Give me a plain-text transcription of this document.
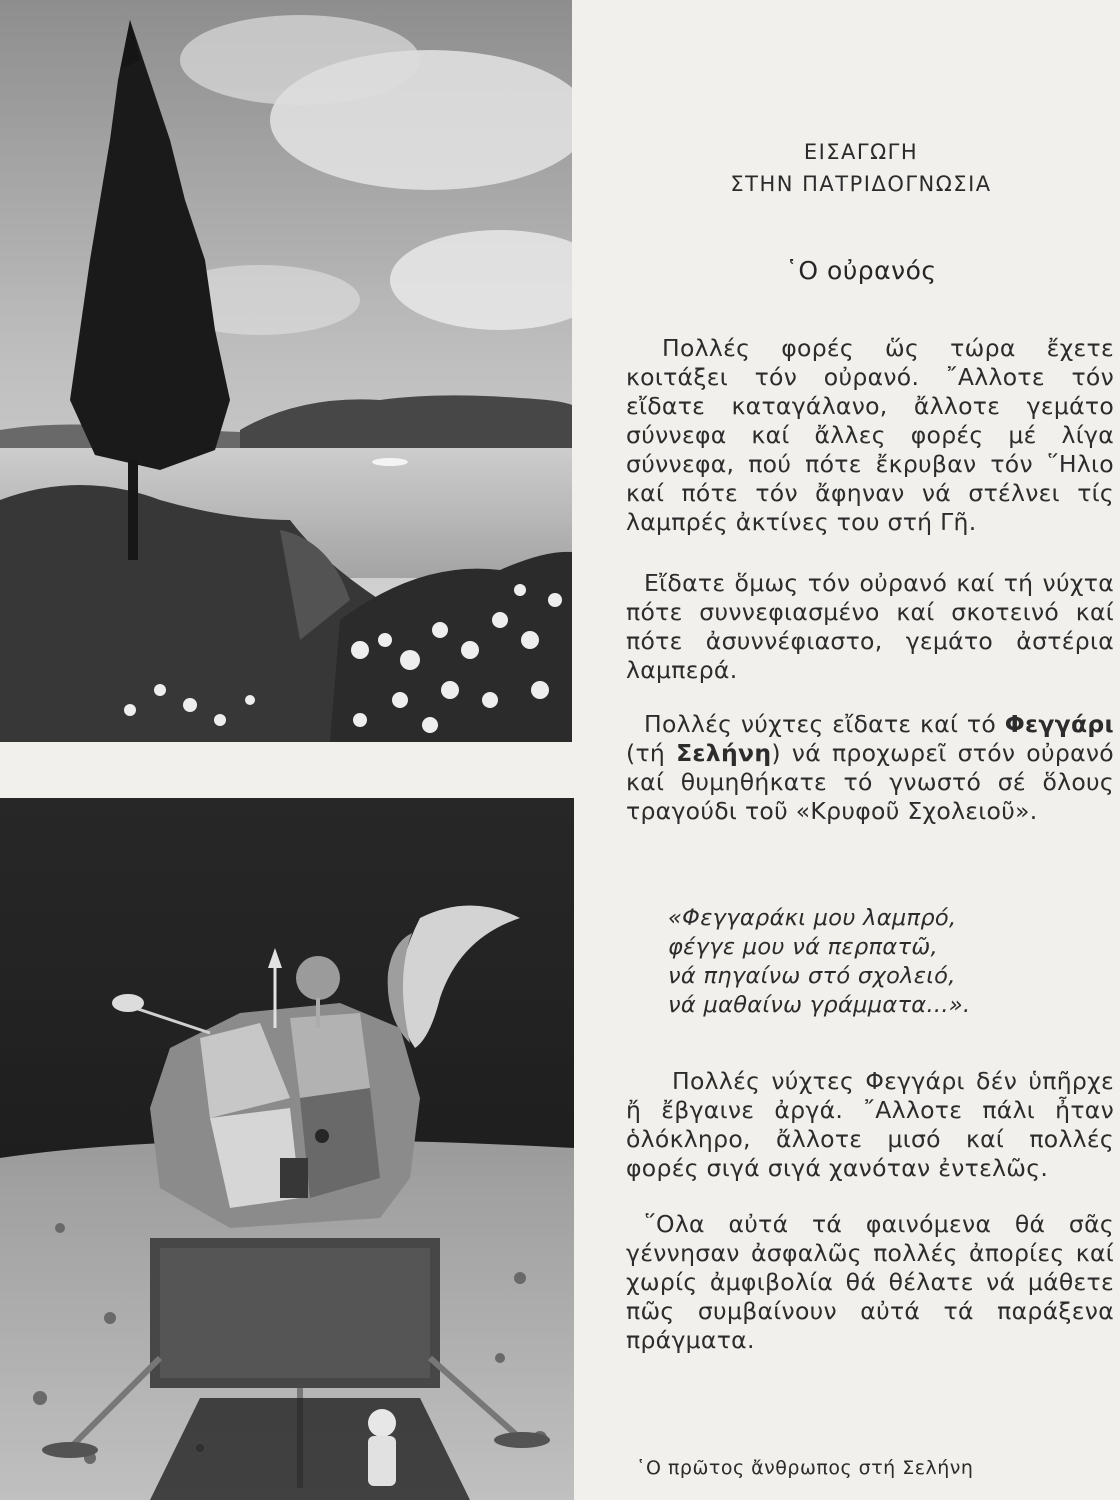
ΕΙΣΑΓΩΓΗ
ΣΤΗΝ ΠΑΤΡΙΔΟΓΝΩΣΙΑ
῾Ο οὐρανός

Πολλές φορές ὥς τώρα ἔχετε κοιτάξει τόν οὐρανό. ῎Αλλοτε τόν εἴδατε καταγάλανο, ἄλλοτε γεμάτο σύννεφα καί ἄλλες φορές μέ λίγα σύννεφα, πού πότε ἔκρυβαν τόν ῞Ηλιο καί πότε τόν ἄφηναν νά στέλνει τίς λαμπρές ἀκτίνες του στή Γῆ.

Εἴδατε ὅμως τόν οὐρανό καί τή νύχτα πότε συννεφιασμένο καί σκοτεινό καί πότε ἀσυννέφιαστο, γεμάτο ἀστέρια λαμπερά.

Πολλές νύχτες εἴδατε καί τό Φεγγάρι (τή Σελήνη) νά προχωρεῖ στόν οὐρανό καί θυμηθήκατε τό γνωστό σέ ὅλους τραγούδι τοῦ «Κρυφοῦ Σχολειοῦ».

«Φεγγαράκι μου λαμπρό,
φέγγε μου νά περπατῶ,
νά πηγαίνω στό σχολειό,
νά μαθαίνω γράμματα...».

Πολλές νύχτες Φεγγάρι δέν ὑπῆρχε ἤ ἔβγαινε ἀργά. ῎Αλλοτε πάλι ἦταν ὁλόκληρο, ἄλλοτε μισό καί πολλές φορές σιγά σιγά χανόταν ἐντελῶς.

῞Ολα αὐτά τά φαινόμενα θά σᾶς γέννησαν ἀσφαλῶς πολλές ἀπορίες καί χωρίς ἀμφιβολία θά θέλατε νά μάθετε πῶς συμβαίνουν αὐτά τά παράξενα πράγματα.

῾Ο πρῶτος ἄνθρωπος στή Σελήνη
